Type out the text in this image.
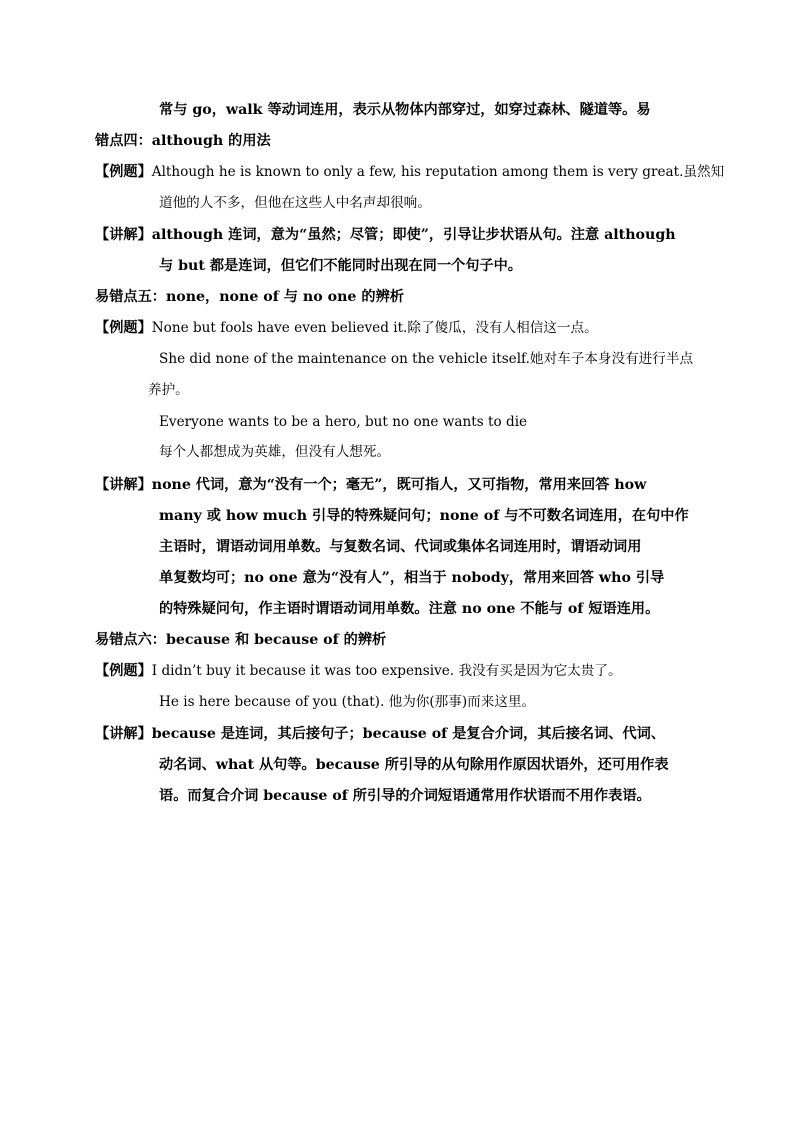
常与 go，walk 等动词连用，表示从物体内部穿过，如穿过森林、隧道等。易
错点四：although 的用法
【例题】Although he is known to only a few, his reputation among them is very great.虽然知
道他的人不多，但他在这些人中名声却很响。
【讲解】although 连词，意为“虽然；尽管；即使”，引导让步状语从句。注意 although
与 but 都是连词，但它们不能同时出现在同一个句子中。
易错点五：none，none of 与 no one 的辨析
【例题】None but fools have even believed it.除了傻瓜，没有人相信这一点。
She did none of the maintenance on the vehicle itself.她对车子本身没有进行半点
养护。
Everyone wants to be a hero, but no one wants to die
每个人都想成为英雄，但没有人想死。
【讲解】none 代词，意为“没有一个；毫无”，既可指人，又可指物，常用来回答 how
many 或 how much 引导的特殊疑问句；none of 与不可数名词连用，在句中作
主语时，谓语动词用单数。与复数名词、代词或集体名词连用时，谓语动词用
单复数均可；no one 意为“没有人”，相当于 nobody，常用来回答 who 引导
的特殊疑问句，作主语时谓语动词用单数。注意 no one 不能与 of 短语连用。
易错点六：because 和 because of 的辨析
【例题】I didn’t buy it because it was too expensive. 我没有买是因为它太贵了。
He is here because of you (that). 他为你(那事)而来这里。
【讲解】because 是连词，其后接句子；because of 是复合介词，其后接名词、代词、
动名词、what 从句等。because 所引导的从句除用作原因状语外，还可用作表
语。而复合介词 because of 所引导的介词短语通常用作状语而不用作表语。
